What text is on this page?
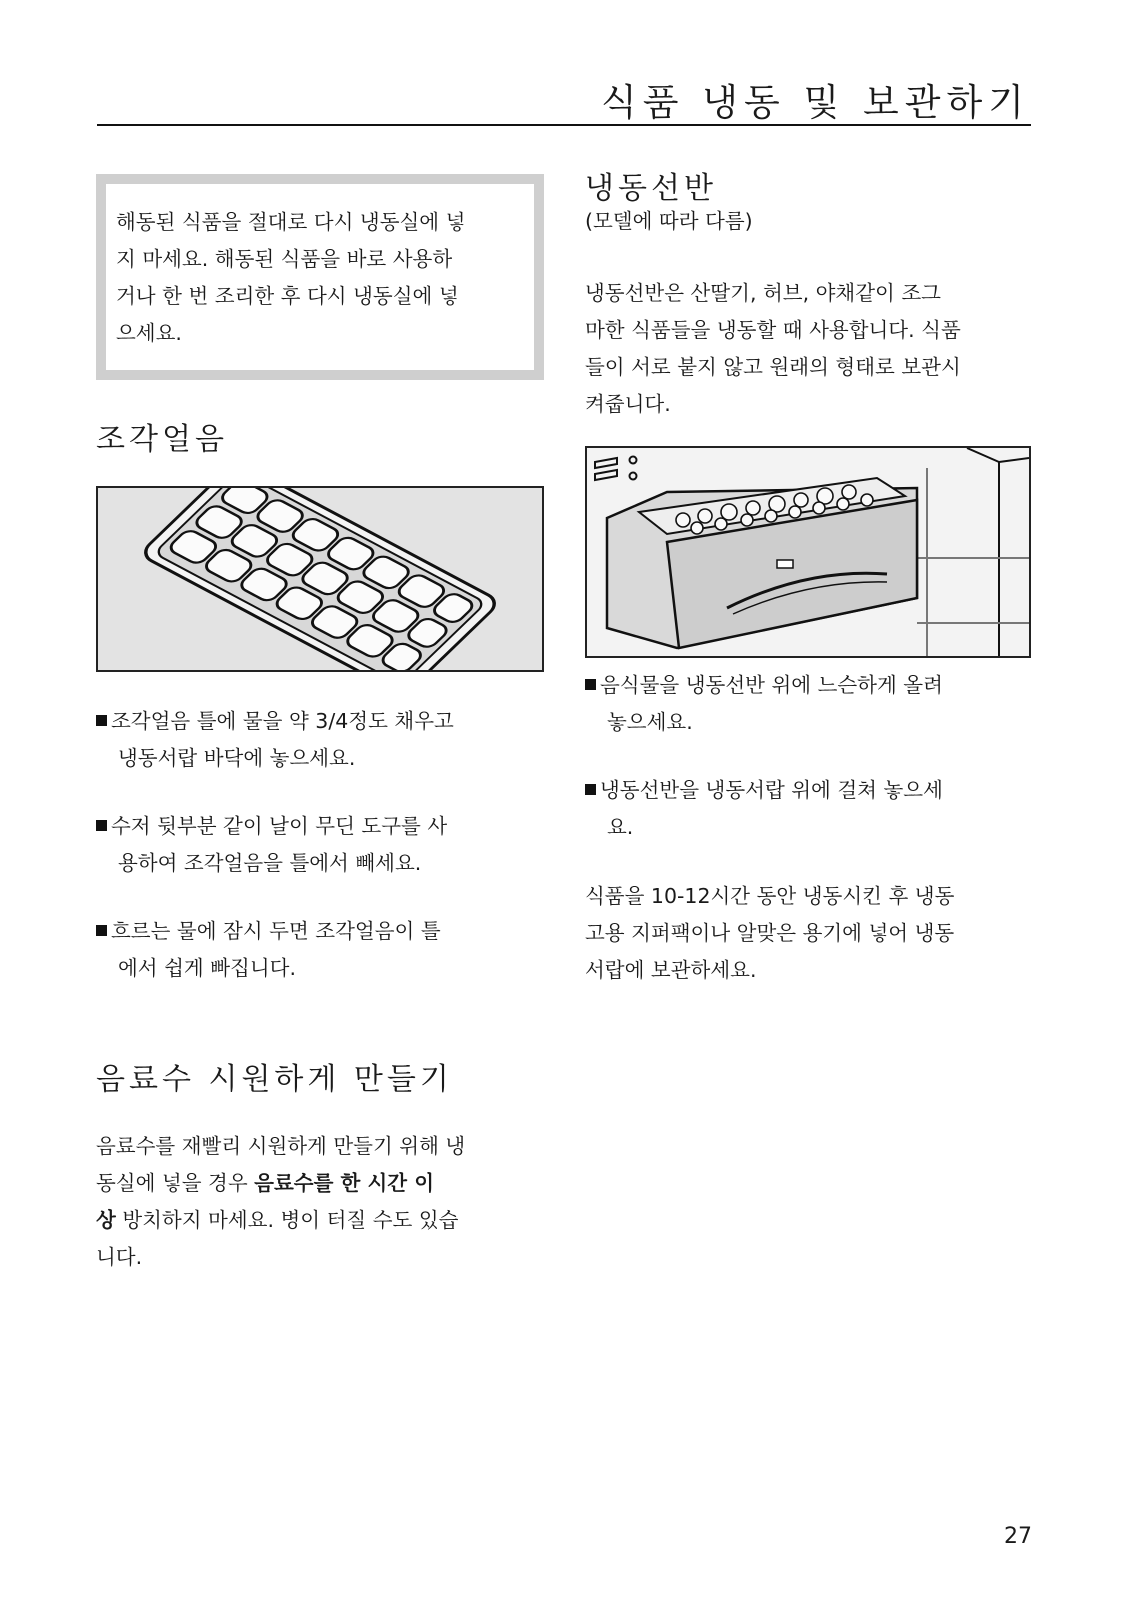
식품 냉동 및 보관하기

해동된 식품을 절대로 다시 냉동실에 넣

지 마세요. 해동된 식품을 바로 사용하

거나 한 번 조리한 후 다시 냉동실에 넣

으세요.

조각얼음

조각얼음 틀에 물을 약 3/4정도 채우고
냉동서랍 바닥에 놓으세요.

수저 뒷부분 같이 날이 무딘 도구를 사
용하여 조각얼음을 틀에서 빼세요.

흐르는 물에 잠시 두면 조각얼음이 틀
에서 쉽게 빠집니다.

음료수 시원하게 만들기

음료수를 재빨리 시원하게 만들기 위해 냉

동실에 넣을 경우 음료수를 한 시간 이

상 방치하지 마세요. 병이 터질 수도 있습

니다.

냉동선반

(모델에 따라 다름)

냉동선반은 산딸기, 허브, 야채같이 조그

마한 식품들을 냉동할 때 사용합니다. 식품

들이 서로 붙지 않고 원래의 형태로 보관시

켜줍니다.

음식물을 냉동선반 위에 느슨하게 올려
놓으세요.

냉동선반을 냉동서랍 위에 걸쳐 놓으세
요.

식품을 10-12시간 동안 냉동시킨 후 냉동

고용 지퍼팩이나 알맞은 용기에 넣어 냉동

서랍에 보관하세요.

27
